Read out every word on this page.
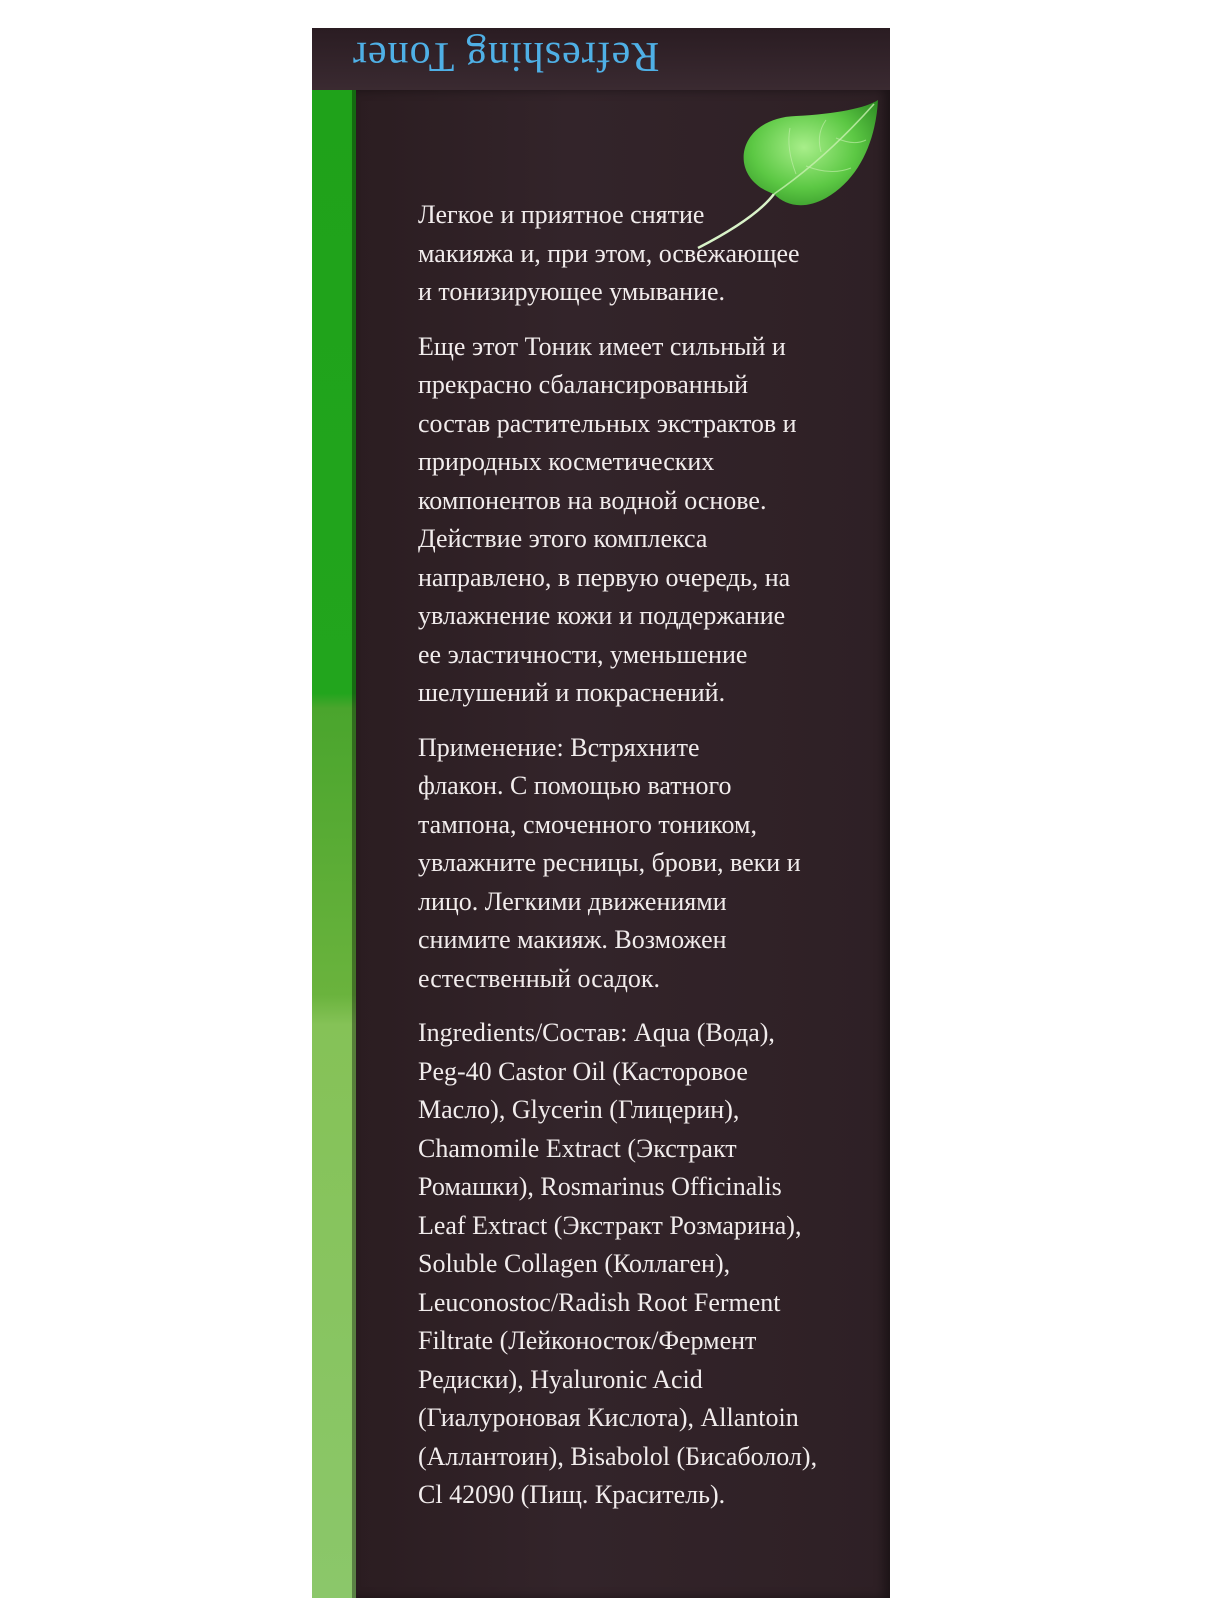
Refreshing Toner

Легкое и приятное снятие
макияжа и, при этом, освежающее
и тонизирующее умывание.

Еще этот Тоник имеет сильный и
прекрасно сбалансированный
состав растительных экстрактов и
природных косметических
компонентов на водной основе.
Действие этого комплекса
направлено, в первую очередь, на
увлажнение кожи и поддержание
ее эластичности, уменьшение
шелушений и покраснений.

Применение: Встряхните
флакон. С помощью ватного
тампона, смоченного тоником,
увлажните ресницы, брови, веки и
лицо. Легкими движениями
снимите макияж. Возможен
естественный осадок.

Ingredients/Состав: Aqua (Вода),
Peg-40 Castor Oil (Касторовое
Масло), Glycerin (Глицерин),
Chamomile Extract (Экстракт
Ромашки), Rosmarinus Officinalis
Leaf Extract (Экстракт Розмарина),
Soluble Collagen (Коллаген),
Leuconostoc/Radish Root Ferment
Filtrate (Лейконосток/Фермент
Редиски), Hyaluronic Acid
(Гиалуроновая Кислота), Allantoin
(Аллантоин), Bisabolol (Бисаболол),
Cl 42090 (Пищ. Краситель).
